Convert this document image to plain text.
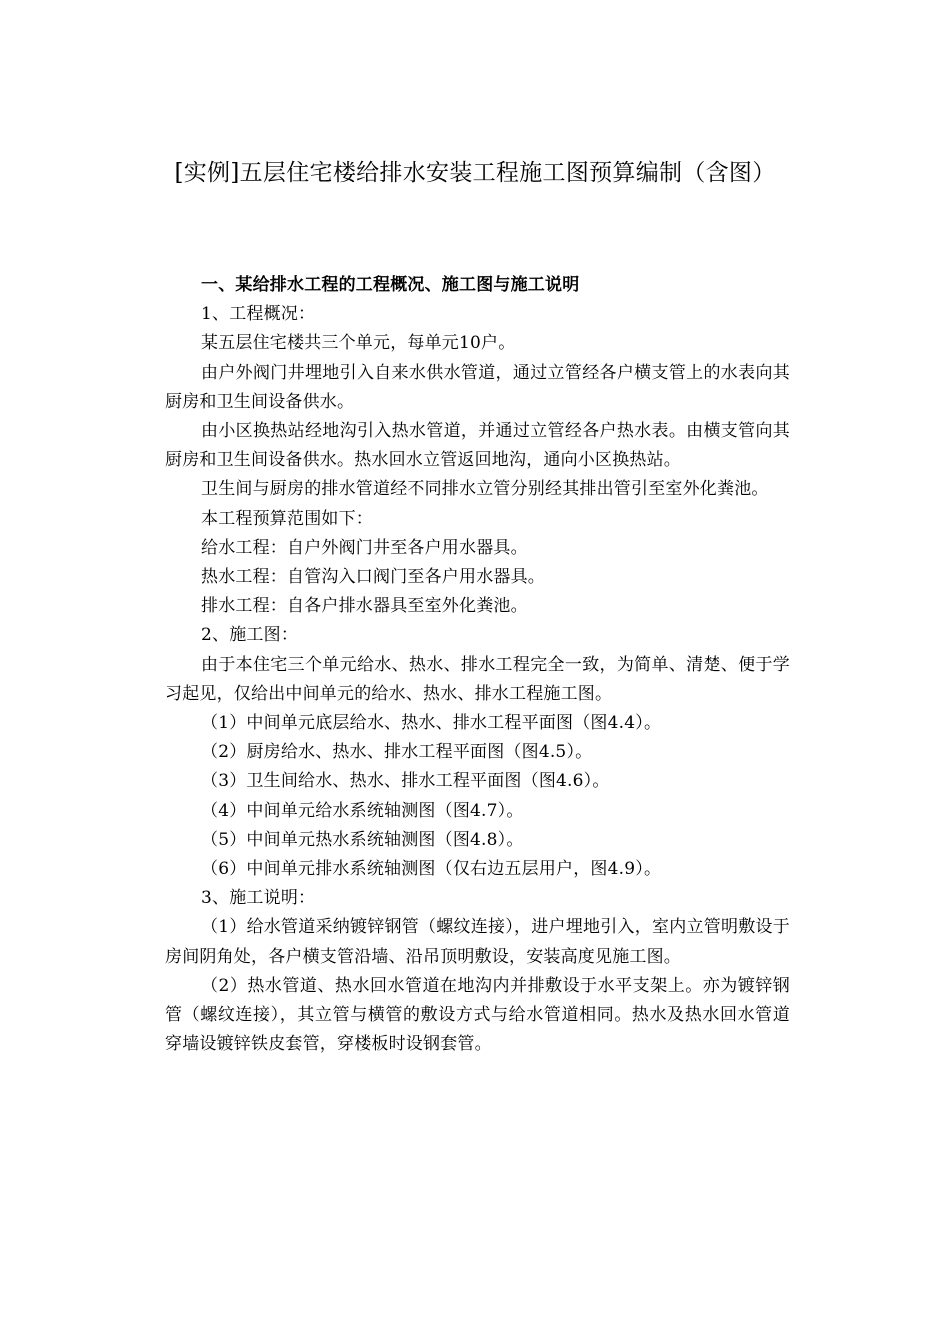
[实例]五层住宅楼给排水安装工程施工图预算编制（含图）

一、某给排水工程的工程概况、施工图与施工说明

1、工程概况：

某五层住宅楼共三个单元，每单元10户。

由户外阀门井埋地引入自来水供水管道，通过立管经各户横支管上的水表向其厨房和卫生间设备供水。

由小区换热站经地沟引入热水管道，并通过立管经各户热水表。由横支管向其厨房和卫生间设备供水。热水回水立管返回地沟，通向小区换热站。

卫生间与厨房的排水管道经不同排水立管分别经其排出管引至室外化粪池。

本工程预算范围如下：

给水工程：自户外阀门井至各户用水器具。

热水工程：自管沟入口阀门至各户用水器具。

排水工程：自各户排水器具至室外化粪池。

2、施工图：

由于本住宅三个单元给水、热水、排水工程完全一致，为简单、清楚、便于学习起见，仅给出中间单元的给水、热水、排水工程施工图。

（1）中间单元底层给水、热水、排水工程平面图（图4.4）。

（2）厨房给水、热水、排水工程平面图（图4.5）。

（3）卫生间给水、热水、排水工程平面图（图4.6）。

（4）中间单元给水系统轴测图（图4.7）。

（5）中间单元热水系统轴测图（图4.8）。

（6）中间单元排水系统轴测图（仅右边五层用户，图4.9）。

3、施工说明：

（1）给水管道采纳镀锌钢管（螺纹连接），进户埋地引入，室内立管明敷设于房间阴角处，各户横支管沿墙、沿吊顶明敷设，安装高度见施工图。

（2）热水管道、热水回水管道在地沟内并排敷设于水平支架上。亦为镀锌钢管（螺纹连接），其立管与横管的敷设方式与给水管道相同。热水及热水回水管道穿墙设镀锌铁皮套管，穿楼板时设钢套管。
